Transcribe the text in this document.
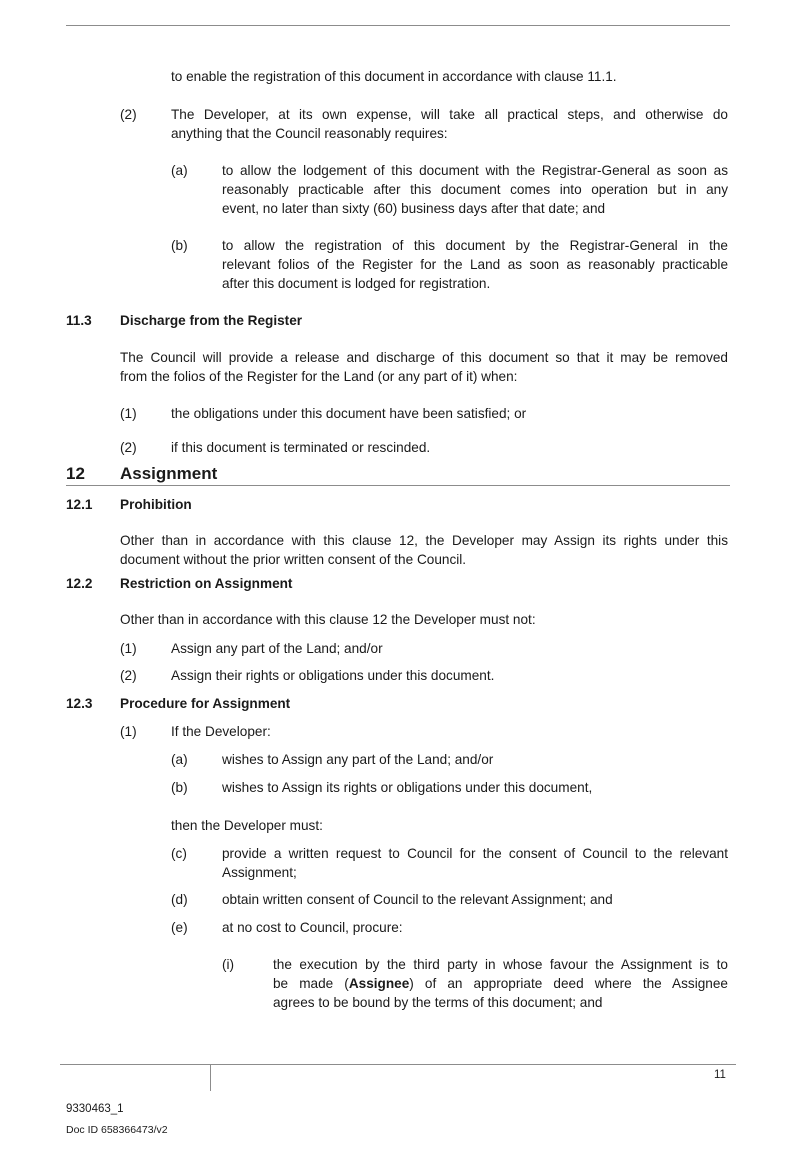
to enable the registration of this document in accordance with clause 11.1.
(2)	The Developer, at its own expense, will take all practical steps, and otherwise do
anything that the Council reasonably requires:
(a)	to allow the lodgement of this document with the Registrar-General as soon as
reasonably practicable after this document comes into operation but in any
event, no later than sixty (60) business days after that date; and
(b)	to allow the registration of this document by the Registrar-General in the
relevant folios of the Register for the Land as soon as reasonably practicable
after this document is lodged for registration.
11.3 Discharge from the Register
The Council will provide a release and discharge of this document so that it may be removed
from the folios of the Register for the Land (or any part of it) when:
(1)	the obligations under this document have been satisfied; or
(2)	if this document is terminated or rescinded.
12 Assignment
12.1 Prohibition
Other than in accordance with this clause 12, the Developer may Assign its rights under this
document without the prior written consent of the Council.
12.2 Restriction on Assignment
Other than in accordance with this clause 12 the Developer must not:
(1)	Assign any part of the Land; and/or
(2)	Assign their rights or obligations under this document.
12.3 Procedure for Assignment
(1)	If the Developer:
(a)	wishes to Assign any part of the Land; and/or
(b)	wishes to Assign its rights or obligations under this document,
then the Developer must:
(c)	provide a written request to Council for the consent of Council to the relevant
Assignment;
(d)	obtain written consent of Council to the relevant Assignment; and
(e)	at no cost to Council, procure:
(i)	the execution by the third party in whose favour the Assignment is to
be made (Assignee) of an appropriate deed where the Assignee
agrees to be bound by the terms of this document; and
11
9330463_1
Doc ID 658366473/v2
